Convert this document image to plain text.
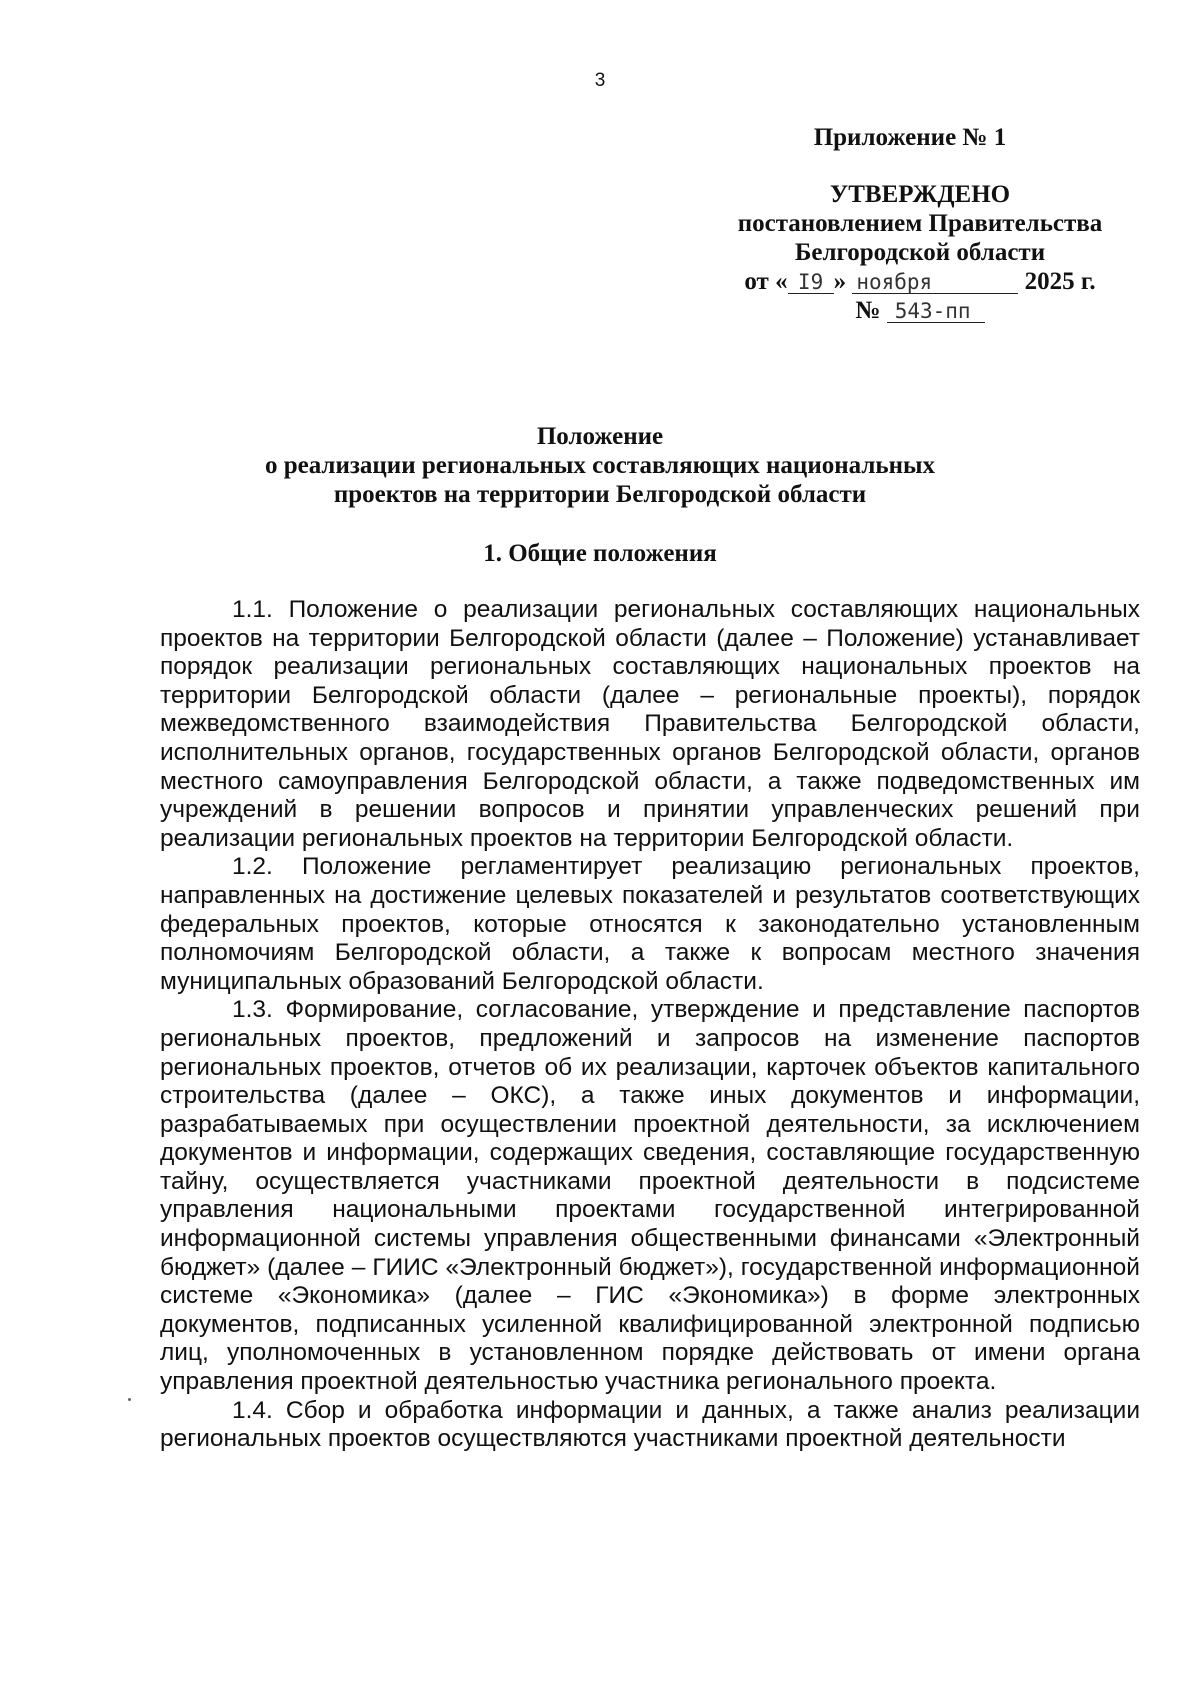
3
Приложение № 1
УТВЕРЖДЕНО
постановлением Правительства
Белгородской области
от « I9 » ноября	2025 г.
№ 543-пп
Положение
о реализации региональных составляющих национальных
проектов на территории Белгородской области
1. Общие положения

1.1. Положение о реализации региональных составляющих национальных проектов на территории Белгородской области (далее – Положение) устанавливает порядок реализации региональных составляющих национальных проектов на территории Белгородской области (далее – региональные проекты), порядок межведомственного взаимодействия Правительства Белгородской области, исполнительных органов, государственных органов Белгородской области, органов местного самоуправления Белгородской области, а также подведомственных им учреждений в решении вопросов и принятии управленческих решений при реализации региональных проектов на территории Белгородской области.

1.2. Положение регламентирует реализацию региональных проектов, направленных на достижение целевых показателей и результатов соответствующих федеральных проектов, которые относятся к законодательно установленным полномочиям Белгородской области, а также к вопросам местного значения муниципальных образований Белгородской области.

1.3. Формирование, согласование, утверждение и представление паспортов региональных проектов, предложений и запросов на изменение паспортов региональных проектов, отчетов об их реализации, карточек объектов капитального строительства (далее – ОКС), а также иных документов и информации, разрабатываемых при осуществлении проектной деятельности, за исключением документов и информации, содержащих сведения, составляющие государственную тайну, осуществляется участниками проектной деятельности в подсистеме управления национальными проектами государственной интегрированной информационной системы управления общественными финансами «Электронный бюджет» (далее – ГИИС «Электронный бюджет»), государственной информационной системе «Экономика» (далее – ГИС «Экономика») в форме электронных документов, подписанных усиленной квалифицированной электронной подписью лиц, уполномоченных в установленном порядке действовать от имени органа управления проектной деятельностью участника регионального проекта.

1.4. Сбор и обработка информации и данных, а также анализ реализации региональных проектов осуществляются участниками проектной деятельности
